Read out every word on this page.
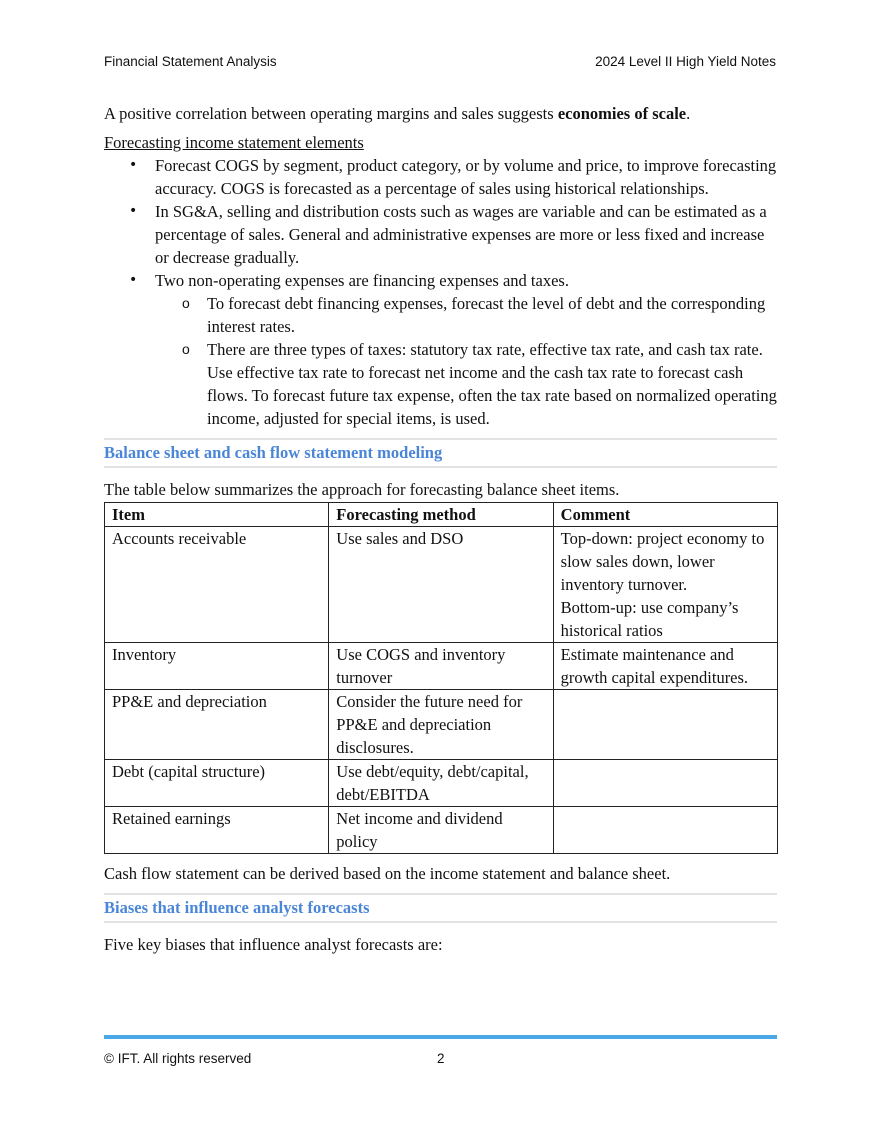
Financial Statement Analysis	2024 Level II High Yield Notes

A positive correlation between operating margins and sales suggests economies of scale.

Forecasting income statement elements

• Forecast COGS by segment, product category, or by volume and price, to improve forecasting accuracy. COGS is forecasted as a percentage of sales using historical relationships.
• In SG&A, selling and distribution costs such as wages are variable and can be estimated as a percentage of sales. General and administrative expenses are more or less fixed and increase or decrease gradually.
• Two non-operating expenses are financing expenses and taxes.
o To forecast debt financing expenses, forecast the level of debt and the corresponding interest rates.
o There are three types of taxes: statutory tax rate, effective tax rate, and cash tax rate. Use effective tax rate to forecast net income and the cash tax rate to forecast cash flows. To forecast future tax expense, often the tax rate based on normalized operating income, adjusted for special items, is used.
Balance sheet and cash flow statement modeling

The table below summarizes the approach for forecasting balance sheet items.

Item	Forecasting method	Comment
Accounts receivable	Use sales and DSO	Top-down: project economy to slow sales down, lower inventory turnover.
Bottom-up: use company’s historical ratios

Inventory	Use COGS and inventory turnover	Estimate maintenance and growth capital expenditures.
PP&E and depreciation	Consider the future need for PP&E and depreciation disclosures.	
Debt (capital structure)	Use debt/equity, debt/capital, debt/EBITDA	
Retained earnings	Net income and dividend policy	

Cash flow statement can be derived based on the income statement and balance sheet.

Biases that influence analyst forecasts

Five key biases that influence analyst forecasts are:

© IFT. All rights reserved	2
